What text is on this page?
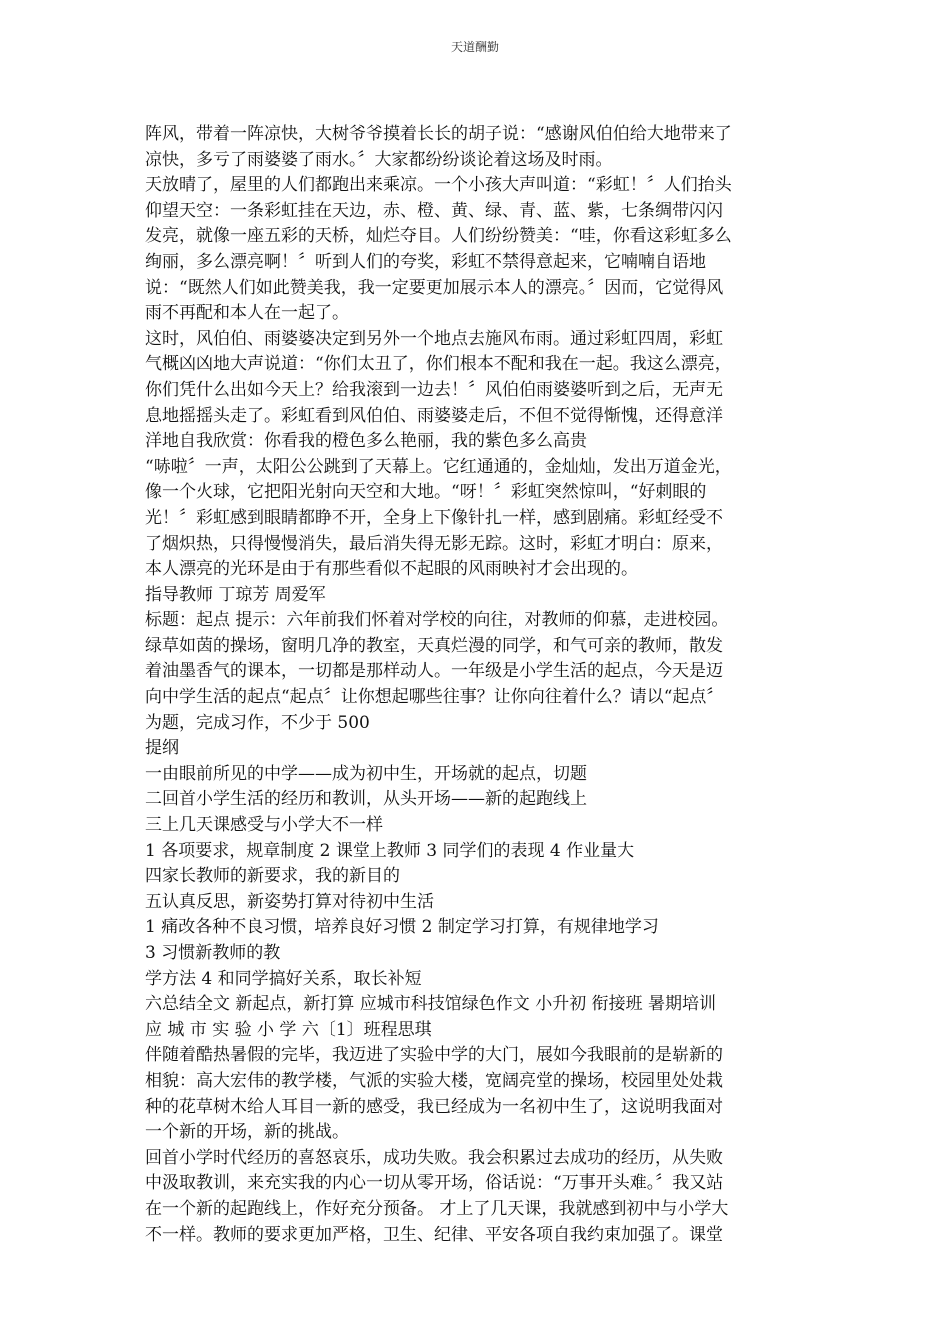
天道酬勤
阵风，带着一阵凉快，大树爷爷摸着长长的胡子说：“感谢风伯伯给大地带来了
凉快，多亏了雨婆婆了雨水。〞大家都纷纷谈论着这场及时雨。
天放晴了，屋里的人们都跑出来乘凉。一个小孩大声叫道：“彩虹！〞人们抬头
仰望天空：一条彩虹挂在天边，赤、橙、黄、绿、青、蓝、紫，七条绸带闪闪
发亮，就像一座五彩的天桥，灿烂夺目。人们纷纷赞美：“哇，你看这彩虹多么
绚丽，多么漂亮啊！〞听到人们的夸奖，彩虹不禁得意起来，它喃喃自语地
说：“既然人们如此赞美我，我一定要更加展示本人的漂亮。〞因而，它觉得风
雨不再配和本人在一起了。
这时，风伯伯、雨婆婆决定到另外一个地点去施风布雨。通过彩虹四周，彩虹
气概凶凶地大声说道：“你们太丑了，你们根本不配和我在一起。我这么漂亮，
你们凭什么出如今天上？给我滚到一边去！〞风伯伯雨婆婆听到之后，无声无
息地摇摇头走了。彩虹看到风伯伯、雨婆婆走后，不但不觉得惭愧，还得意洋
洋地自我欣赏：你看我的橙色多么艳丽，我的紫色多么高贵
“哧啦〞一声，太阳公公跳到了天幕上。它红通通的，金灿灿，发出万道金光，
像一个火球，它把阳光射向天空和大地。“呀！〞彩虹突然惊叫，“好刺眼的
光！〞彩虹感到眼睛都睁不开，全身上下像针扎一样，感到剧痛。彩虹经受不
了烟炽热，只得慢慢消失，最后消失得无影无踪。这时，彩虹才明白：原来，
本人漂亮的光环是由于有那些看似不起眼的风雨映衬才会出现的。
指导教师 丁琼芳 周爱军
标题：起点 提示：六年前我们怀着对学校的向往，对教师的仰慕，走进校园。
绿草如茵的操场，窗明几净的教室，天真烂漫的同学，和气可亲的教师，散发
着油墨香气的课本，一切都是那样动人。一年级是小学生活的起点，今天是迈
向中学生活的起点“起点〞让你想起哪些往事？让你向往着什么？请以“起点〞
为题，完成习作，不少于 500
提纲
一由眼前所见的中学——成为初中生，开场就的起点，切题
二回首小学生活的经历和教训，从头开场——新的起跑线上
三上几天课感受与小学大不一样
1 各项要求，规章制度 2 课堂上教师 3 同学们的表现 4 作业量大
四家长教师的新要求，我的新目的
五认真反思，新姿势打算对待初中生活
1 痛改各种不良习惯，培养良好习惯 2 制定学习打算，有规律地学习
3 习惯新教师的教
学方法 4 和同学搞好关系，取长补短
六总结全文 新起点，新打算 应城市科技馆绿色作文 小升初 衔接班 暑期培训
应 城 市 实 验 小 学 六〔1〕班程思琪
伴随着酷热暑假的完毕，我迈进了实验中学的大门，展如今我眼前的是崭新的
相貌：高大宏伟的教学楼，气派的实验大楼，宽阔亮堂的操场，校园里处处栽
种的花草树木给人耳目一新的感受，我已经成为一名初中生了，这说明我面对
一个新的开场，新的挑战。
回首小学时代经历的喜怒哀乐，成功失败。我会积累过去成功的经历，从失败
中汲取教训，来充实我的内心一切从零开场，俗话说：“万事开头难。〞我又站
在一个新的起跑线上，作好充分预备。 才上了几天课，我就感到初中与小学大
不一样。教师的要求更加严格，卫生、纪律、平安各项自我约束加强了。课堂
